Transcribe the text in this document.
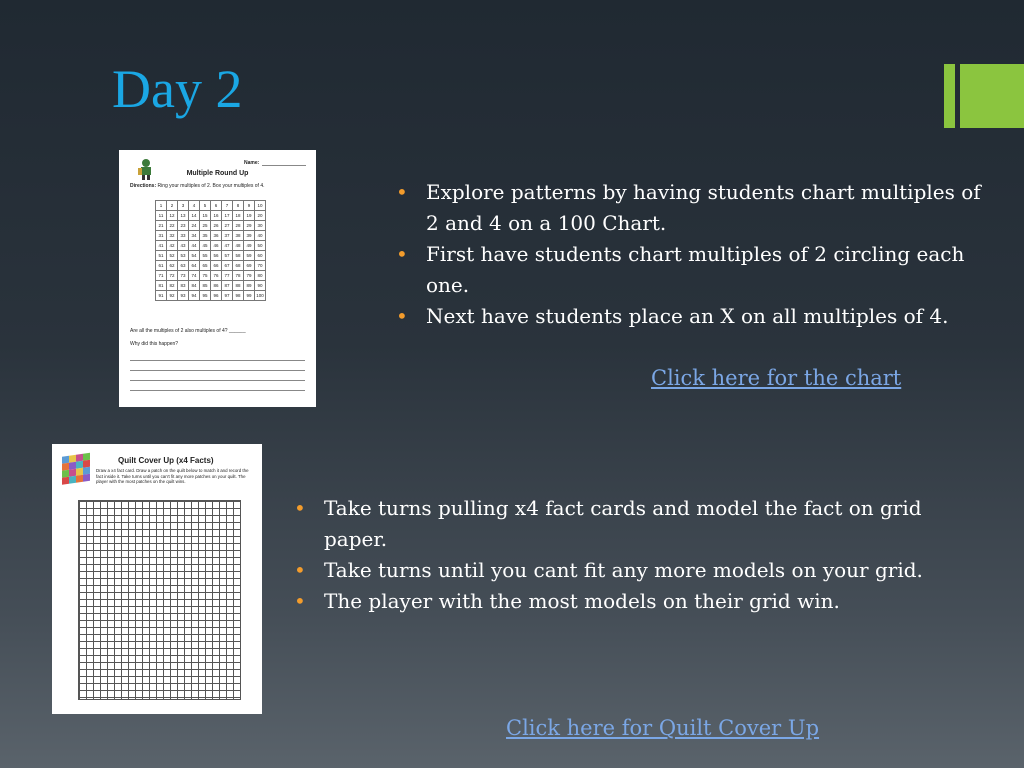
Day 2
Name:
Multiple Round Up
Directions: Ring your multiples of 2. Box your multiples of 4.
1	2	3	4	5	6	7	8	9	10
11	12	13	14	15	16	17	18	19	20
21	22	23	24	25	26	27	28	29	30
31	32	33	34	35	36	37	38	39	40
41	42	43	44	45	46	47	48	49	50
51	52	53	54	55	56	57	58	59	60
61	62	63	64	65	66	67	68	69	70
71	72	73	74	75	76	77	78	79	80
81	82	83	84	85	86	87	88	89	90
91	92	93	94	95	96	97	98	99	100
Are all the multiples of 2 also multiples of 4? ______
Why did this happen?
• Explore patterns by having students chart multiples of 2 and 4 on a 100 Chart.
• First have students chart multiples of 2 circling each one.
• Next have students place an X on all multiples of 4.
Click here for the chart
Quilt Cover Up (x4 Facts)
Draw a x4 fact card. Draw a patch on the quilt below to match it and record the fact inside it. Take turns until you can't fit any more patches on your quilt. The player with the most patches on the quilt wins.
• Take turns pulling x4 fact cards and model the fact on grid paper.
• Take turns until you cant fit any more models on your grid.
• The player with the most models on their grid win.
Click here for Quilt Cover Up
